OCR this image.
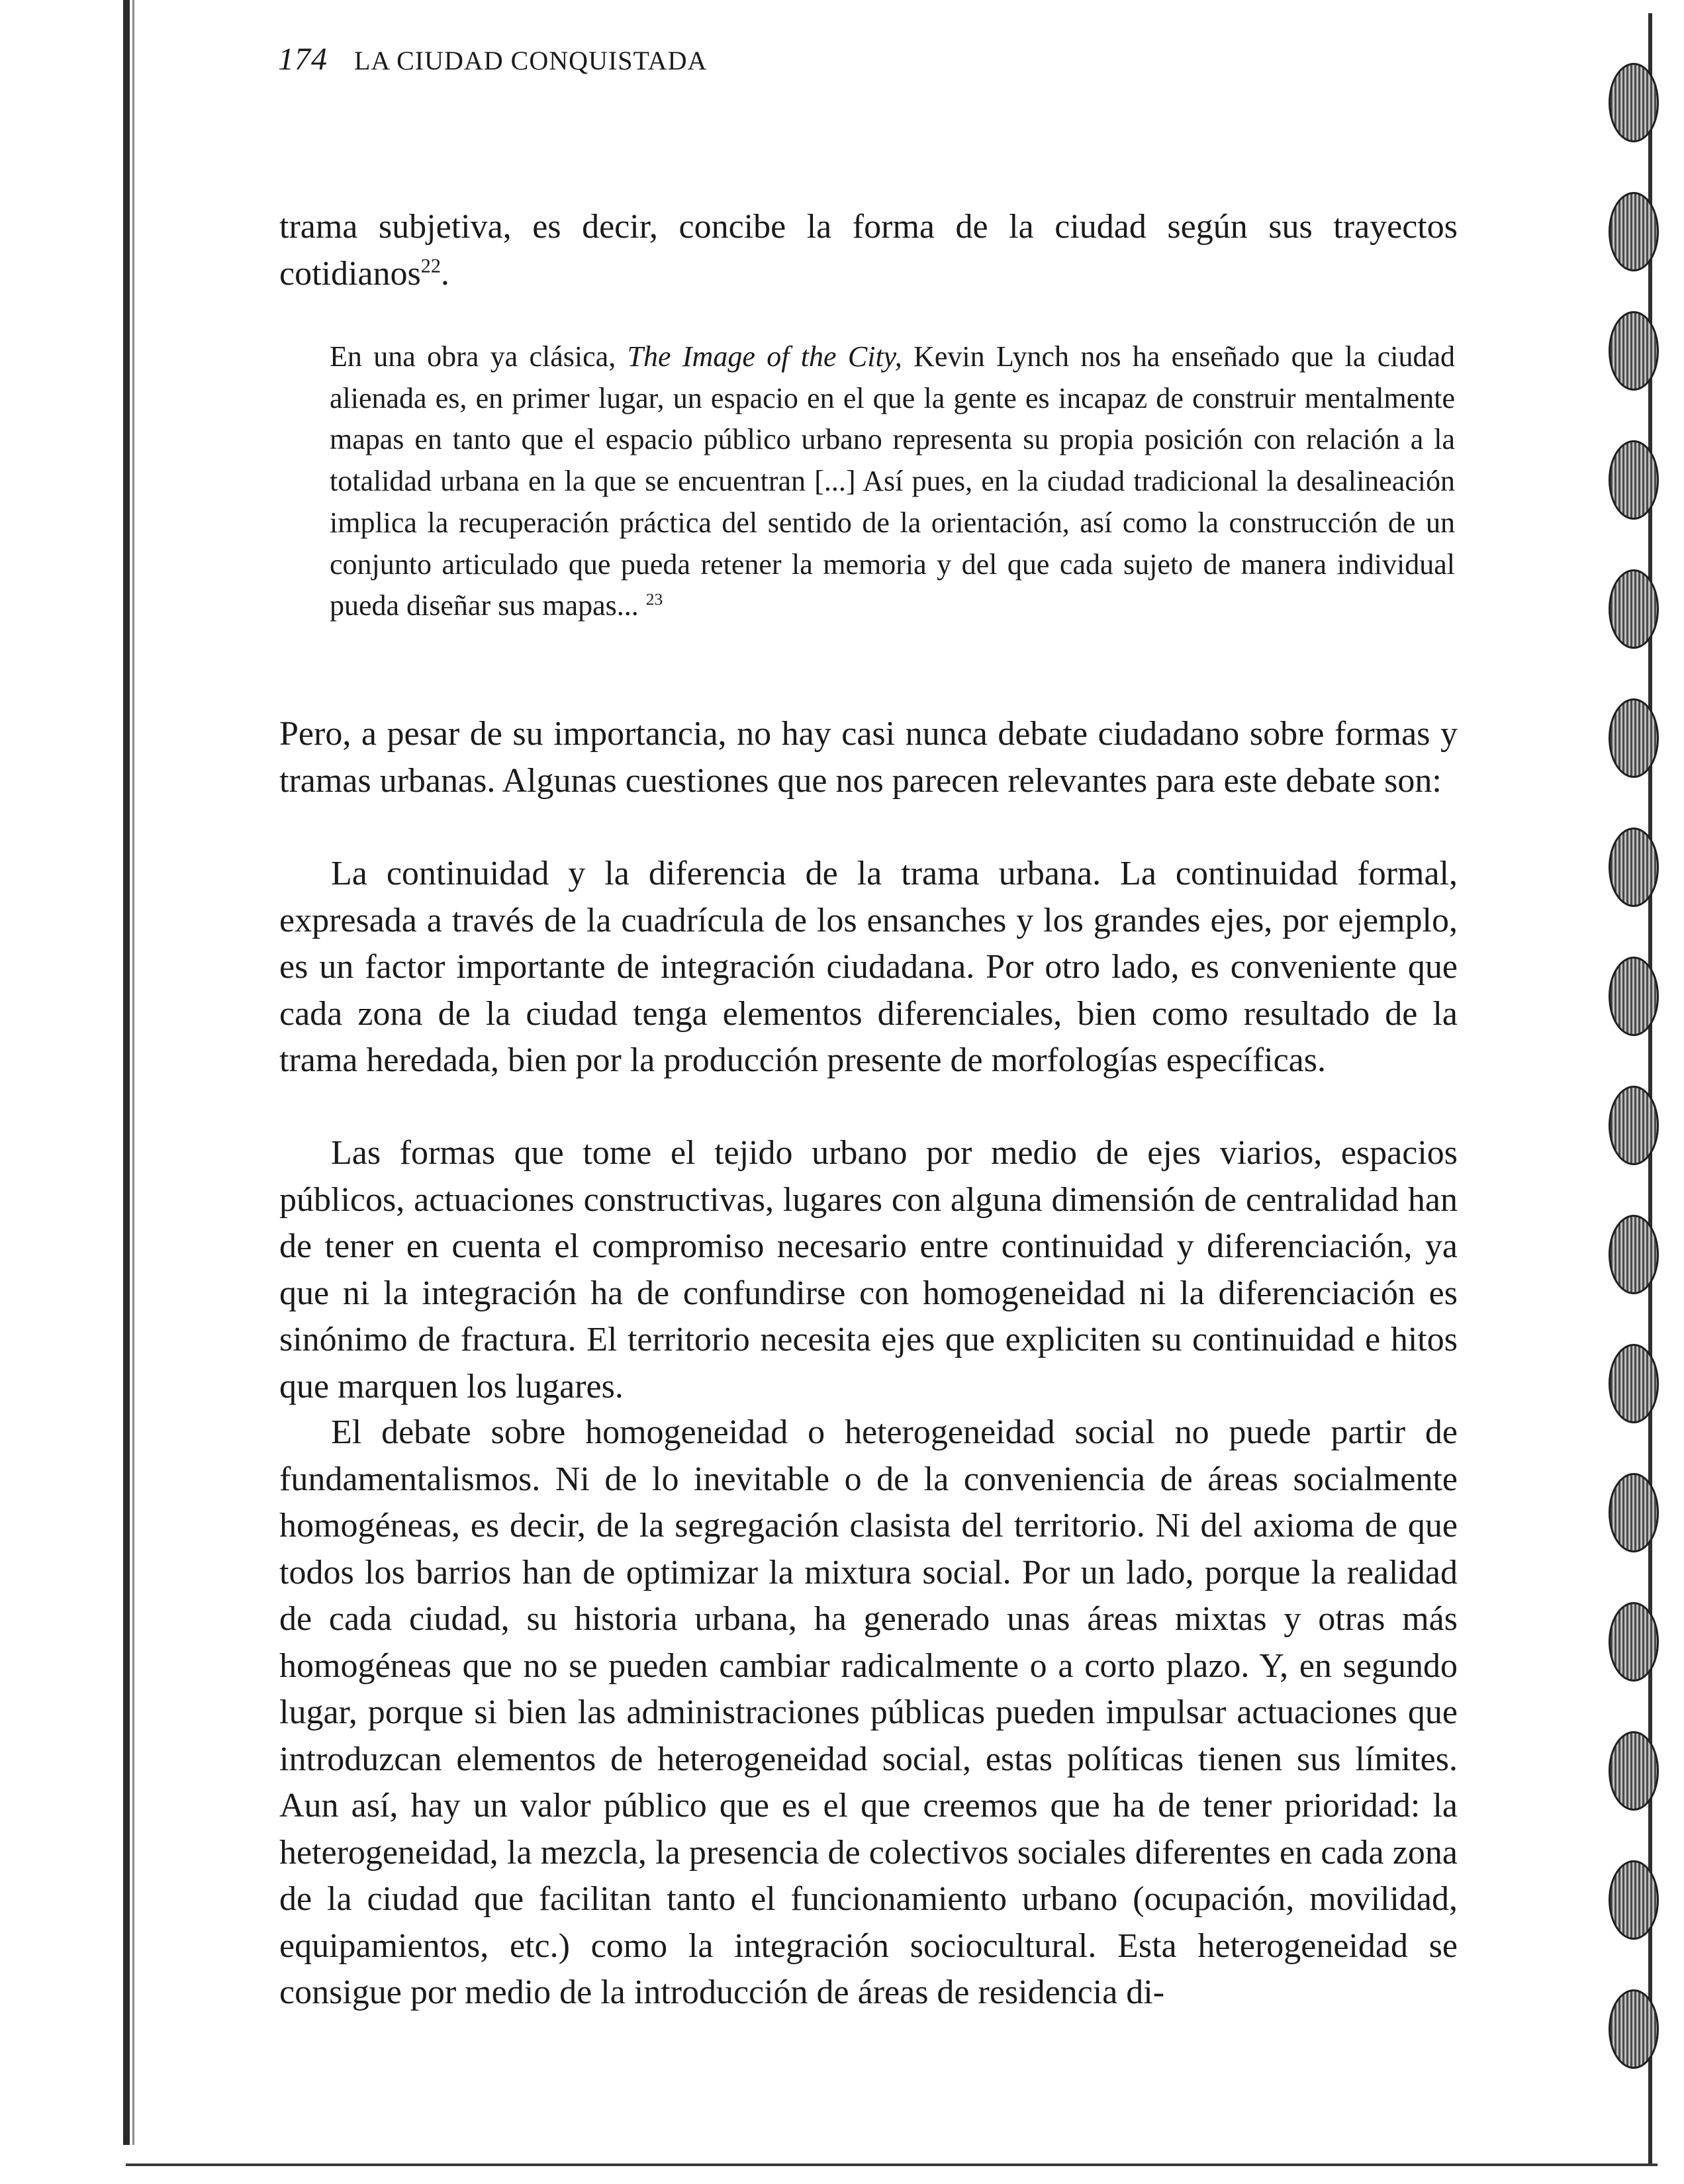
174 LA CIUDAD CONQUISTADA

trama subjetiva, es decir, concibe la forma de la ciudad según sus trayectos cotidianos$^{22}$.

En una obra ya clásica, The Image of the City, Kevin Lynch nos ha enseñado que la ciudad alienada es, en primer lugar, un espacio en el que la gente es incapaz de construir mentalmente mapas en tanto que el espacio público urbano representa su propia posición con relación a la totalidad urbana en la que se encuentran [...] Así pues, en la ciudad tradicional la desalineación implica la recuperación práctica del sentido de la orientación, así como la construcción de un conjunto articulado que pueda retener la memoria y del que cada sujeto de manera individual pueda diseñar sus mapas... $^{23}$

Pero, a pesar de su importancia, no hay casi nunca debate ciudadano sobre formas y tramas urbanas. Algunas cuestiones que nos parecen relevantes para este debate son:

La continuidad y la diferencia de la trama urbana. La continuidad formal, expresada a través de la cuadrícula de los ensanches y los grandes ejes, por ejemplo, es un factor importante de integración ciudadana. Por otro lado, es conveniente que cada zona de la ciudad tenga elementos diferenciales, bien como resultado de la trama heredada, bien por la producción presente de morfologías específicas.

Las formas que tome el tejido urbano por medio de ejes viarios, espacios públicos, actuaciones constructivas, lugares con alguna dimensión de centralidad han de tener en cuenta el compromiso necesario entre continuidad y diferenciación, ya que ni la integración ha de confundirse con homogeneidad ni la diferenciación es sinónimo de fractura. El territorio necesita ejes que expliciten su continuidad e hitos que marquen los lugares.

El debate sobre homogeneidad o heterogeneidad social no puede partir de fundamentalismos. Ni de lo inevitable o de la conveniencia de áreas socialmente homogéneas, es decir, de la segregación clasista del territorio. Ni del axioma de que todos los barrios han de optimizar la mixtura social. Por un lado, porque la realidad de cada ciudad, su historia urbana, ha generado unas áreas mixtas y otras más homogéneas que no se pueden cambiar radicalmente o a corto plazo. Y, en segundo lugar, porque si bien las administraciones públicas pueden impulsar actuaciones que introduzcan elementos de heterogeneidad social, estas políticas tienen sus límites. Aun así, hay un valor público que es el que creemos que ha de tener prioridad: la heterogeneidad, la mezcla, la presencia de colectivos sociales diferentes en cada zona de la ciudad que facilitan tanto el funcionamiento urbano (ocupación, movilidad, equipamientos, etc.) como la integración sociocultural. Esta heterogeneidad se consigue por medio de la introducción de áreas de residencia di-
